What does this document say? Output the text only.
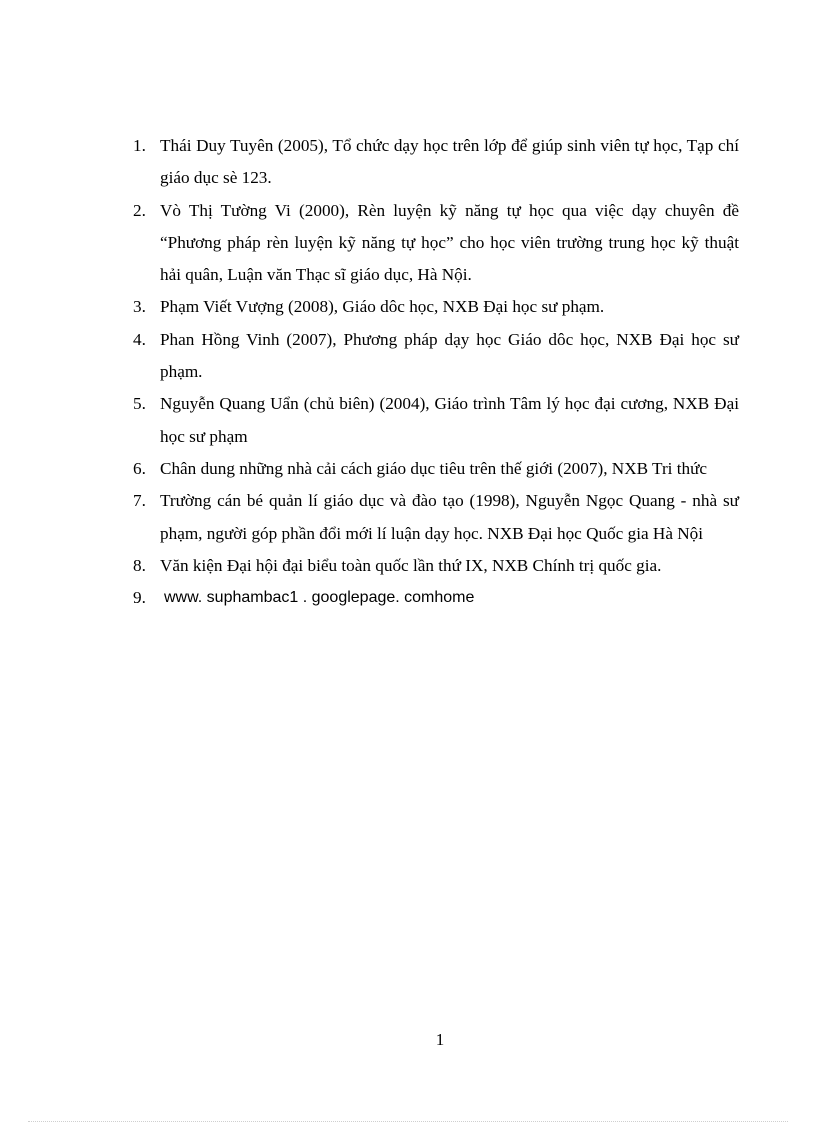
1. Thái Duy Tuyên (2005), Tổ chức dạy học trên lớp để giúp sinh viên tự học, Tạp chí giáo dục sè 123.
2. Vò Thị Tường Vi (2000), Rèn luyện kỹ năng tự học qua việc dạy chuyên đề “Phương pháp rèn luyện kỹ năng tự học” cho học viên trường trung học kỹ thuật hải quân, Luận văn Thạc sĩ giáo dục, Hà Nội.
3. Phạm Viết Vượng (2008), Giáo dôc học, NXB Đại học sư phạm.
4. Phan Hồng Vinh (2007), Phương pháp dạy học Giáo dôc học, NXB Đại học sư phạm.
5. Nguyễn Quang Uẩn (chủ biên) (2004), Giáo trình Tâm lý học đại cương, NXB Đại học sư phạm
6. Chân dung những nhà cải cách giáo dục tiêu trên thế giới (2007), NXB Tri thức
7. Trường cán bé quản lí giáo dục và đào tạo (1998), Nguyễn Ngọc Quang - nhà sư phạm, người góp phần đổi mới lí luận dạy học. NXB Đại học Quốc gia Hà Nội
8. Văn kiện Đại hội đại biểu toàn quốc lần thứ IX, NXB Chính trị quốc gia.
9. www. suphambac1 . googlepage. comhome
1
